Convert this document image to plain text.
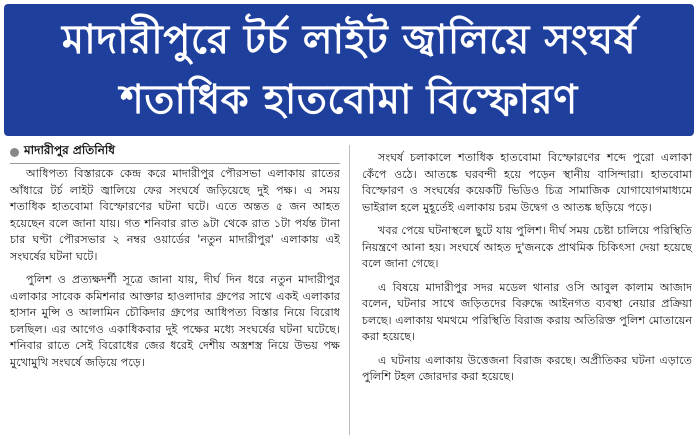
মাদারীপুরে টর্চ লাইট জ্বালিয়ে সংঘর্ষ
শতাধিক হাতবোমা বিস্ফোরণ
মাদারীপুর প্রতিনিধি

আধিপত্য বিস্তারকে কেন্দ্র করে মাদারীপুর পৌরসভা এলাকায় রাতের আঁধারে টর্চ লাইট জ্বালিয়ে ফের সংঘর্ষে জড়িয়েছে দুই পক্ষ। এ সময় শতাধিক হাতবোমা বিস্ফোরণের ঘটনা ঘটে। এতে অন্তত ৫ জন আহত হয়েছেন বলে জানা যায়। গত শনিবার রাত ৯টা থেকে রাত ১টা পর্যন্ত টানা চার ঘণ্টা পৌরসভার ২ নম্বর ওয়ার্ডের 'নতুন মাদারীপুর' এলাকায় এই সংঘর্ষের ঘটনা ঘটে।

পুলিশ ও প্রত্যক্ষদর্শী সূত্রে জানা যায়, দীর্ঘ দিন ধরে নতুন মাদারীপুর এলাকার সাবেক কমিশনার আক্তার হাওলাদার গ্রুপের সাথে একই এলাকার হাসান মুন্সি ও আলামিন চৌকিদার গ্রুপের আধিপত্য বিস্তার নিয়ে বিরোধ চলছিল। এর আগেও একাধিকবার দুই পক্ষের মধ্যে সংঘর্ষের ঘটনা ঘটেছে। শনিবার রাতে সেই বিরোধের জের ধরেই দেশীয় অস্ত্রশস্ত্র নিয়ে উভয় পক্ষ মুখোমুখি সংঘর্ষে জড়িয়ে পড়ে।

সংঘর্ষ চলাকালে শতাধিক হাতবোমা বিস্ফোরণের শব্দে পুরো এলাকা কেঁপে ওঠে। আতঙ্কে ঘরবন্দী হয়ে পড়েন স্থানীয় বাসিন্দারা। হাতবোমা বিস্ফোরণ ও সংঘর্ষের কয়েকটি ভিডিও চিত্র সামাজিক যোগাযোগমাধ্যমে ভাইরাল হলে মুহূর্তেই এলাকায় চরম উদ্বেগ ও আতঙ্ক ছড়িয়ে পড়ে।

খবর পেয়ে ঘটনাস্থলে ছুটে যায় পুলিশ। দীর্ঘ সময় চেষ্টা চালিয়ে পরিস্থিতি নিয়ন্ত্রণে আনা হয়। সংঘর্ষে আহত দু'জনকে প্রাথমিক চিকিৎসা দেয়া হয়েছে বলে জানা গেছে।

এ বিষয়ে মাদারীপুর সদর মডেল থানার ওসি আবুল কালাম আজাদ বলেন, ঘটনার সাথে জড়িতদের বিরুদ্ধে আইনগত ব্যবস্থা নেয়ার প্রক্রিয়া চলছে। এলাকায় থমথমে পরিস্থিতি বিরাজ করায় অতিরিক্ত পুলিশ মোতায়েন করা হয়েছে।

এ ঘটনায় এলাকায় উত্তেজনা বিরাজ করছে। অপ্রীতিকর ঘটনা এড়াতে পুলিশি টহল জোরদার করা হয়েছে।
